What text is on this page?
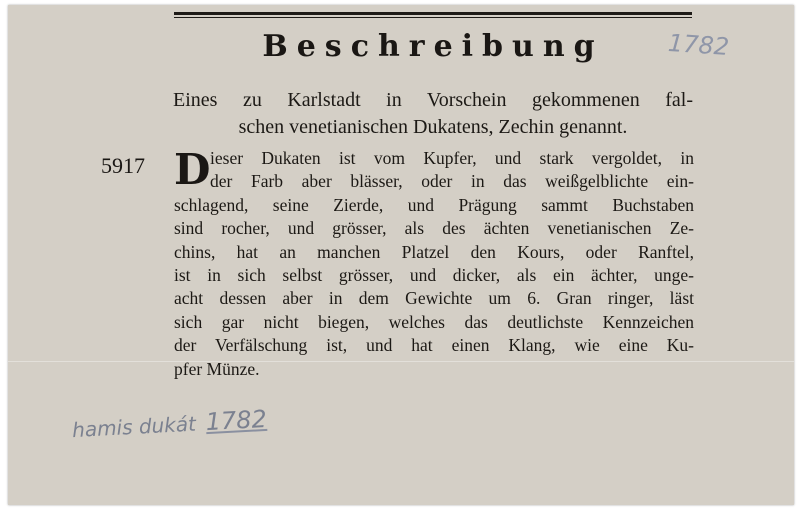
Beschreibung	1782
Eines zu Karlstadt in Vorschein gekommenen fal-
schen venetianischen Dukatens, Zechin genannt.
5917 D ieser Dukaten ist vom Kupfer, und stark vergoldet, in
der Farb aber blässer, oder in das weißgelblichte ein-
schlagend, seine Zierde, und Prägung sammt Buchstaben
sind rocher, und grösser, als des ächten venetianischen Ze-
chins, hat an manchen Platzel den Kours, oder Ranftel,
ist in sich selbst grösser, und dicker, als ein ächter, unge-
acht dessen aber in dem Gewichte um 6. Gran ringer, läst
sich gar nicht biegen, welches das deutlichste Kennzeichen
der Verfälschung ist, und hat einen Klang, wie eine Ku-
pfer Münze.
hamis dukát 1782
